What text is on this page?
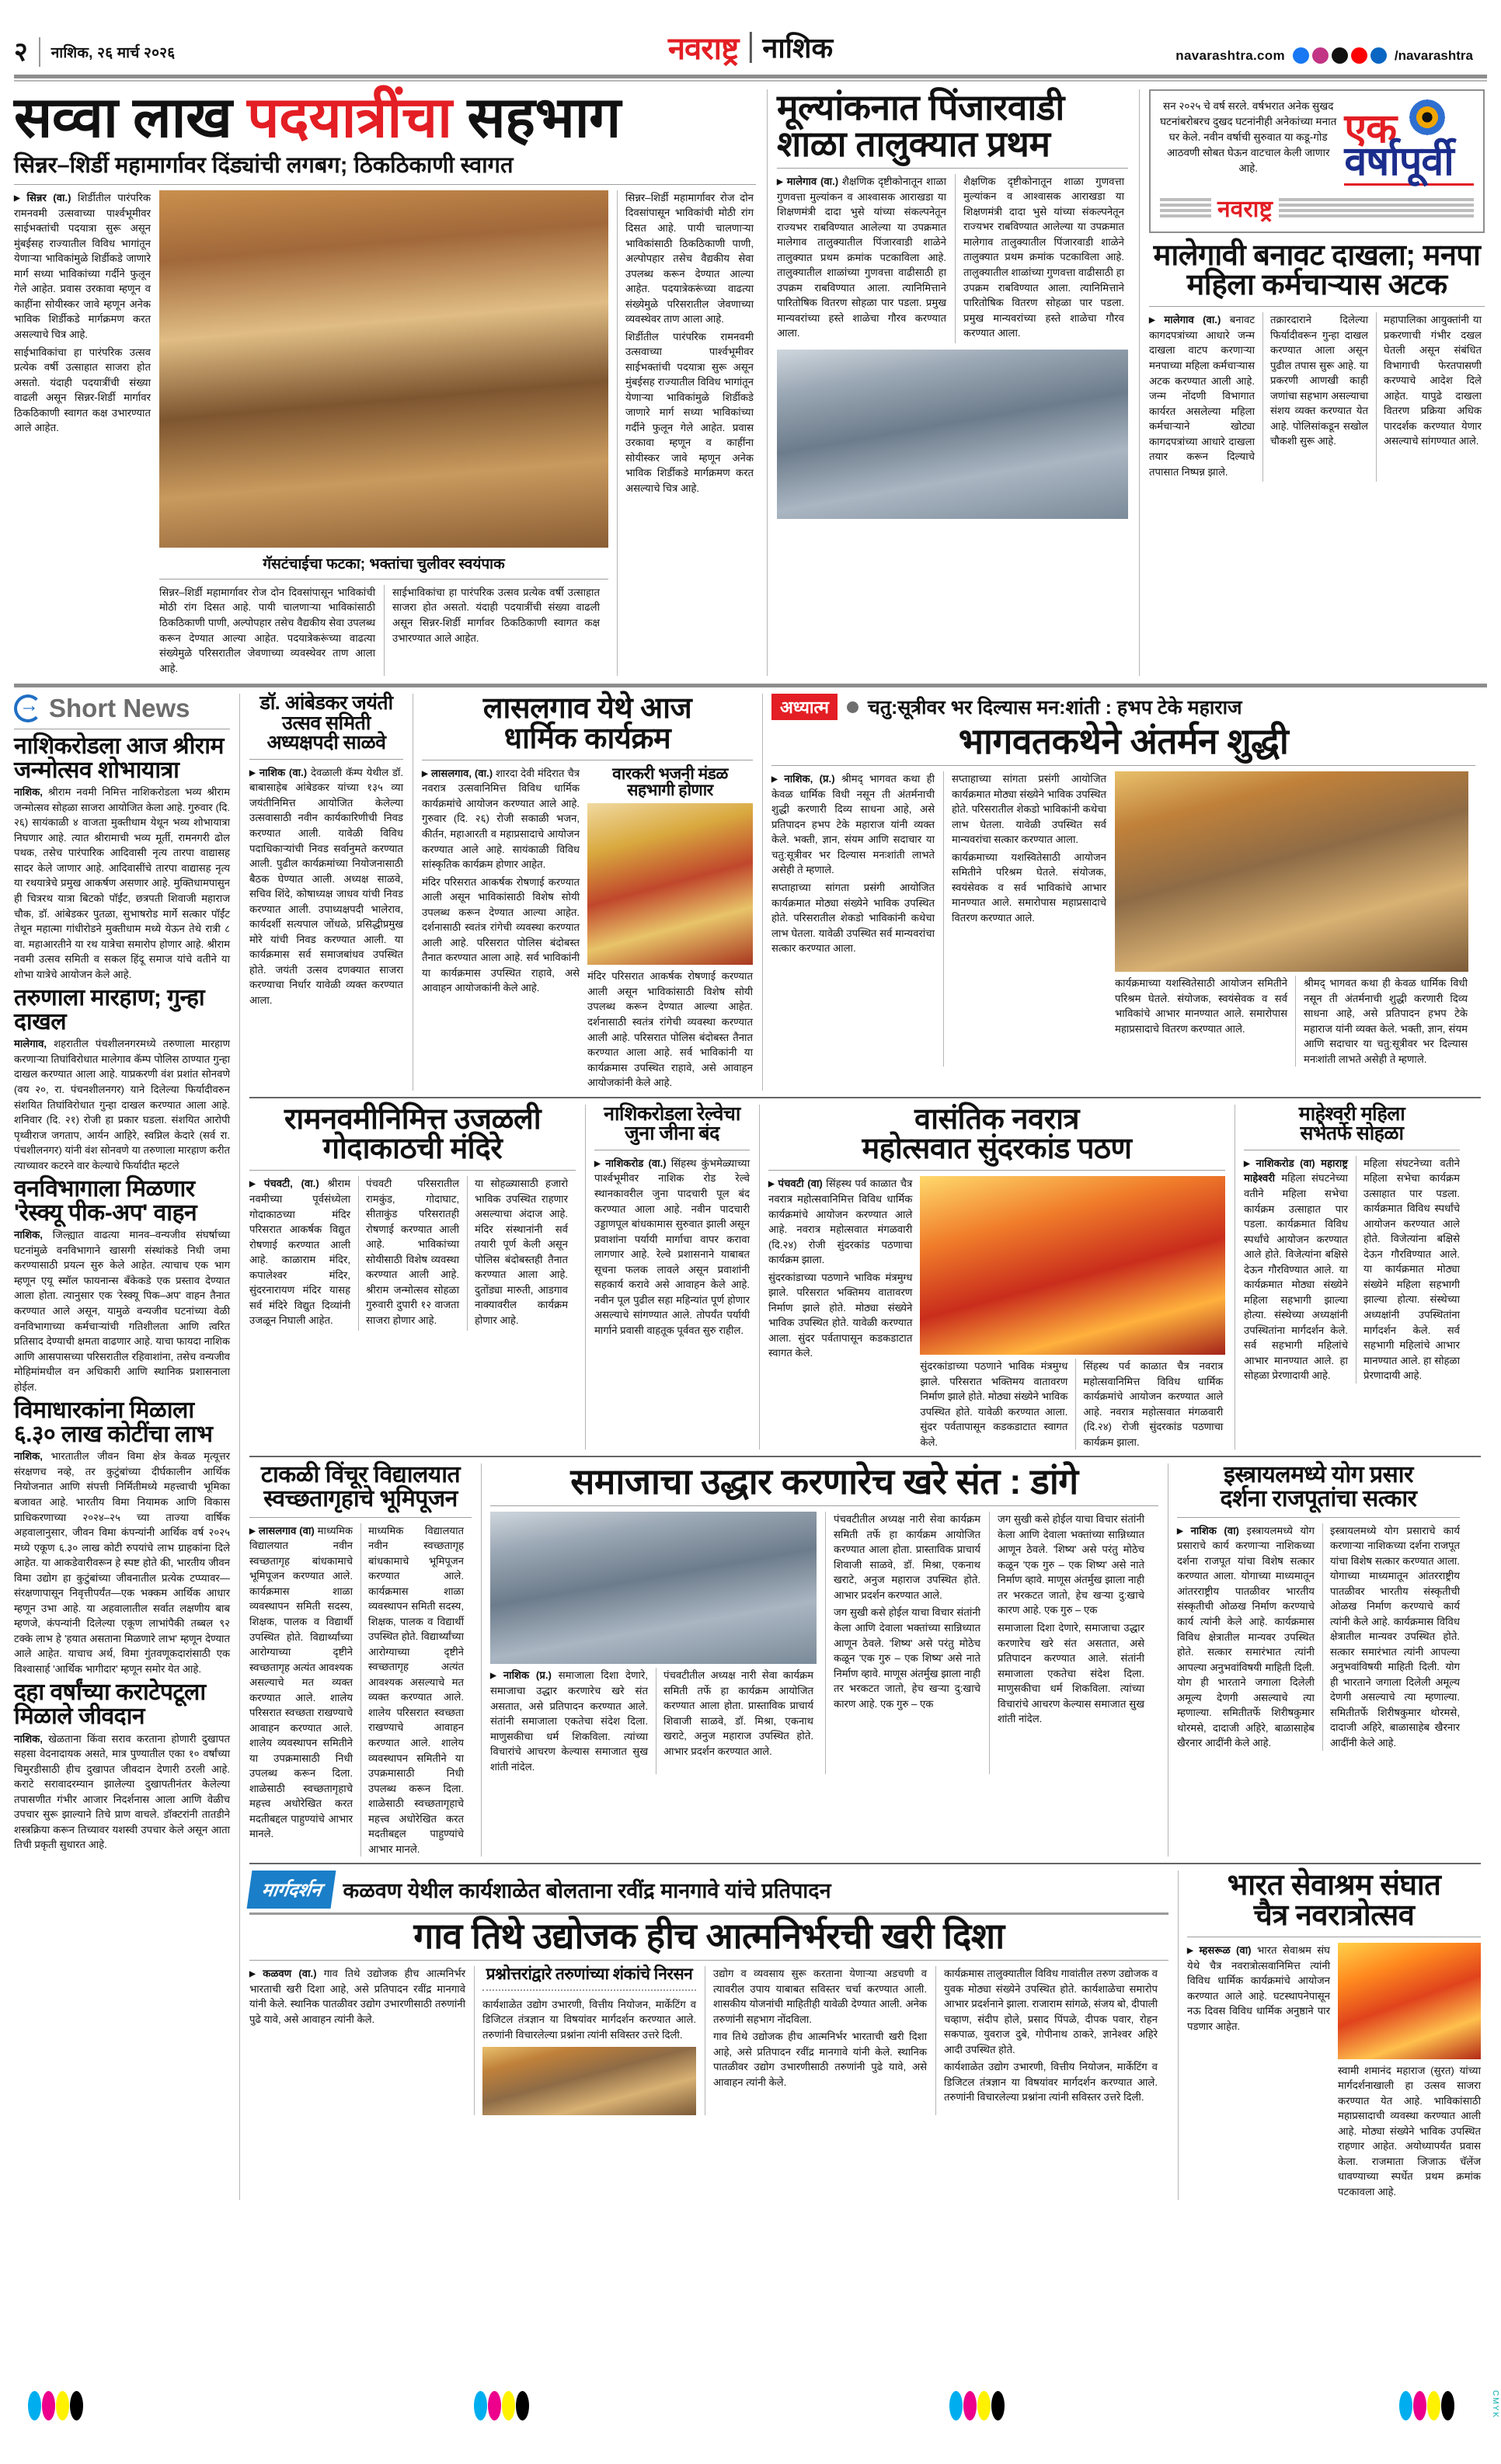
२ नाशिक, २६ मार्च २०२६	नवराष्ट्र नाशिक	navarashtra.com	/navarashtra
सव्वा लाख पदयात्रींचा सहभाग
सिन्नर–शिर्डी महामार्गावर दिंड्यांची लगबग; ठिकठिकाणी स्वागत

▶ सिन्नर (वा.) शिर्डीतील पारंपरिक रामनवमी उत्सवाच्या पार्श्वभूमीवर साईभक्तांची पदयात्रा सुरू असून मुंबईसह राज्यातील विविध भागांतून येणाऱ्या भाविकांमुळे शिर्डीकडे जाणारे मार्ग सध्या भाविकांच्या गर्दीने फुलून गेले आहेत. प्रवास उरकावा म्हणून व काहींना सोयीस्कर जावे म्हणून अनेक भाविक शिर्डीकडे मार्गक्रमण करत असल्याचे चित्र आहे.

साईभाविकांचा हा पारंपरिक उत्सव प्रत्येक वर्षी उत्साहात साजरा होत असतो. यंदाही पदयात्रींची संख्या वाढली असून सिन्नर-शिर्डी मार्गावर ठिकठिकाणी स्वागत कक्ष उभारण्यात आले आहेत.

गॅसटंचाईचा फटका; भक्तांचा चुलीवर स्वयंपाक
सिन्नर–शिर्डी महामार्गावर रोज दोन दिवसांपासून भाविकांची मोठी रांग दिसत आहे. पायी चालणाऱ्या भाविकांसाठी ठिकठिकाणी पाणी, अल्पोपहार तसेच वैद्यकीय सेवा उपलब्ध करून देण्यात आल्या आहेत. पदयात्रेकरूंच्या वाढत्या संख्येमुळे परिसरातील जेवणाच्या व्यवस्थेवर ताण आला आहे.
साईभाविकांचा हा पारंपरिक उत्सव प्रत्येक वर्षी उत्साहात साजरा होत असतो. यंदाही पदयात्रींची संख्या वाढली असून सिन्नर-शिर्डी मार्गावर ठिकठिकाणी स्वागत कक्ष उभारण्यात आले आहेत.

सिन्नर–शिर्डी महामार्गावर रोज दोन दिवसांपासून भाविकांची मोठी रांग दिसत आहे. पायी चालणाऱ्या भाविकांसाठी ठिकठिकाणी पाणी, अल्पोपहार तसेच वैद्यकीय सेवा उपलब्ध करून देण्यात आल्या आहेत. पदयात्रेकरूंच्या वाढत्या संख्येमुळे परिसरातील जेवणाच्या व्यवस्थेवर ताण आला आहे.

शिर्डीतील पारंपरिक रामनवमी उत्सवाच्या पार्श्वभूमीवर साईभक्तांची पदयात्रा सुरू असून मुंबईसह राज्यातील विविध भागांतून येणाऱ्या भाविकांमुळे शिर्डीकडे जाणारे मार्ग सध्या भाविकांच्या गर्दीने फुलून गेले आहेत. प्रवास उरकावा म्हणून व काहींना सोयीस्कर जावे म्हणून अनेक भाविक शिर्डीकडे मार्गक्रमण करत असल्याचे चित्र आहे.

मूल्यांकनात पिंजारवाडी
शाळा तालुक्यात प्रथम

▶ मालेगाव (वा.) शैक्षणिक दृष्टीकोनातून शाळा गुणवत्ता मुल्यांकन व आश्वासक आराखडा या शिक्षणमंत्री दादा भुसे यांच्या संकल्पनेतून राज्यभर राबविण्यात आलेल्या या उपक्रमात मालेगाव तालुक्यातील पिंजारवाडी शाळेने तालुक्यात प्रथम क्रमांक पटकाविला आहे. तालुक्यातील शाळांच्या गुणवत्ता वाढीसाठी हा उपक्रम राबविण्यात आला. त्यानिमित्ताने पारितोषिक वितरण सोहळा पार पडला. प्रमुख मान्यवरांच्या हस्ते शाळेचा गौरव करण्यात आला.

शैक्षणिक दृष्टीकोनातून शाळा गुणवत्ता मुल्यांकन व आश्वासक आराखडा या शिक्षणमंत्री दादा भुसे यांच्या संकल्पनेतून राज्यभर राबविण्यात आलेल्या या उपक्रमात मालेगाव तालुक्यातील पिंजारवाडी शाळेने तालुक्यात प्रथम क्रमांक पटकाविला आहे. तालुक्यातील शाळांच्या गुणवत्ता वाढीसाठी हा उपक्रम राबविण्यात आला. त्यानिमित्ताने पारितोषिक वितरण सोहळा पार पडला. प्रमुख मान्यवरांच्या हस्ते शाळेचा गौरव करण्यात आला.
सन २०२५ चे वर्ष सरले. वर्षभरात अनेक सुखद घटनांबरोबरच दुखद घटनांनीही अनेकांच्या मनात घर केले. नवीन वर्षाची सुरुवात या कडू-गोड आठवणी सोबत घेऊन वाटचाल केली जाणार आहे.
एक
वर्षापूर्वी
नवराष्ट्र
मालेगावी बनावट दाखला; मनपा
महिला कर्मचाऱ्यास अटक

▶ मालेगाव (वा.) बनावट कागदपत्रांच्या आधारे जन्म दाखला वाटप करणाऱ्या मनपाच्या महिला कर्मचाऱ्यास अटक करण्यात आली आहे. जन्म नोंदणी विभागात कार्यरत असलेल्या महिला कर्मचाऱ्याने खोट्या कागदपत्रांच्या आधारे दाखला तयार करून दिल्याचे तपासात निष्पन्न झाले.

तक्रारदाराने दिलेल्या फिर्यादीवरून गुन्हा दाखल करण्यात आला असून पुढील तपास सुरू आहे. या प्रकरणी आणखी काही जणांचा सहभाग असल्याचा संशय व्यक्त करण्यात येत आहे. पोलिसांकडून सखोल चौकशी सुरू आहे.
महापालिका आयुक्तांनी या प्रकरणाची गंभीर दखल घेतली असून संबंधित विभागाची फेरतपासणी करण्याचे आदेश दिले आहेत. यापुढे दाखला वितरण प्रक्रिया अधिक पारदर्शक करण्यात येणार असल्याचे सांगण्यात आले.
→
Short News
नाशिकरोडला आज श्रीराम जन्मोत्सव शोभायात्रा
नाशिक, श्रीराम नवमी निमित्त नाशिकरोडला भव्य श्रीराम जन्मोत्सव सोहळा साजरा आयोजित केला आहे. गुरुवार (दि. २६) सायंकाळी ४ वाजता मुक्तीधाम येथून भव्य शोभायात्रा निघणार आहे. त्यात श्रीरामाची भव्य मूर्ती, रामनगरी ढोल पथक, तसेच पारंपारिक आदिवासी नृत्य तारपा वाद्यासह सादर केले जाणार आहे. आदिवासींचे तारपा वाद्यासह नृत्य या रथयात्रेचे प्रमुख आकर्षण असणार आहे. मुक्तिधामपासुन ही चित्ररथ यात्रा बिटको पॉईंट, छत्रपती शिवाजी महाराज चौक, डॉ. आंबेडकर पुतळा, सुभाषरोड मार्गे सत्कार पॉईंट तेथून महात्मा गांधीरोडने मुक्तीधाम मध्ये येऊन तेथे रात्री ८ वा. महाआरतीने या रथ यात्रेचा समारोप होणार आहे. श्रीराम नवमी उत्सव समिती व सकल हिंदू समाज यांचे वतीने या शोभा यात्रेचे आयोजन केले आहे.
तरुणाला मारहाण; गुन्हा दाखल
मालेगाव, शहरातील पंचशीलनगरमध्ये तरुणाला मारहाण करणाऱ्या तिघांविरोधात मालेगाव कॅम्प पोलिस ठाण्यात गुन्हा दाखल करण्यात आला आहे. याप्रकरणी वंश प्रशांत सोनवणे (वय २०, रा. पंचनशीलनगर) याने दिलेल्या फिर्यादीवरुन संशयित तिघांविरोधात गुन्हा दाखल करण्यात आला आहे. शनिवार (दि. २१) रोजी हा प्रकार घडला. संशयित आरोपी पृथ्वीराज जगताप, आर्यन आहिरे, स्वप्निल केदारे (सर्व रा. पंचशीलनगर) यांनी वंश सोनवणे या तरुणाला मारहाण करीत त्याच्यावर कटरने वार केल्याचे फिर्यादीत म्हटले
वनविभागाला मिळणार 'रेस्क्यू पीक-अप' वाहन
नाशिक, जिल्ह्यात वाढत्या मानव–वन्यजीव संघर्षाच्या घटनांमुळे वनविभागाने खासगी संस्थांकडे निधी जमा करण्यासाठी प्रयत्न सुरु केले आहेत. त्याचाच एक भाग म्हणून एयू स्मॉल फायनान्स बँकेकडे एक प्रस्ताव देण्यात आला होता. त्यानुसार एक 'रेस्क्यू पिक–अप' वाहन तैनात करण्यात आले असून, यामुळे वन्यजीव घटनांच्या वेळी वनविभागाच्या कर्मचाऱ्यांची गतिशीलता आणि त्वरित प्रतिसाद देण्याची क्षमता वाढणार आहे. याचा फायदा नाशिक आणि आसपासच्या परिसरातील रहिवाशांना, तसेच वन्यजीव मोहिमांमधील वन अधिकारी आणि स्थानिक प्रशासनाला होईल.
विमाधारकांना मिळाला ६.३० लाख कोटींचा लाभ
नाशिक, भारतातील जीवन विमा क्षेत्र केवळ मृत्यूत्तर संरक्षणच नव्हे, तर कुटुंबांच्या दीर्घकालीन आर्थिक नियोजनात आणि संपत्ती निर्मितीमध्ये महत्त्वाची भूमिका बजावत आहे. भारतीय विमा नियामक आणि विकास प्राधिकरणाच्या २०२४–२५ च्या ताज्या वार्षिक अहवालानुसार, जीवन विमा कंपन्यांनी आर्थिक वर्ष २०२५ मध्ये एकूण ६.३० लाख कोटी रुपयांचे लाभ ग्राहकांना दिले आहेत. या आकडेवारीवरून हे स्पष्ट होते की, भारतीय जीवन विमा उद्योग हा कुटुंबांच्या जीवनातील प्रत्येक टप्प्यावर—संरक्षणापासून निवृत्तीपर्यंत—एक भक्कम आर्थिक आधार म्हणून उभा आहे. या अहवालातील सर्वात लक्षणीय बाब म्हणजे, कंपन्यांनी दिलेल्या एकूण लाभांपैकी तब्बल ९२ टक्के लाभ हे 'हयात असताना मिळणारे लाभ' म्हणून देण्यात आले आहेत. याचाच अर्थ, विमा गुंतवणूकदारांसाठी एक विश्वासार्ह 'आर्थिक भागीदार' म्हणून समोर येत आहे.
दहा वर्षांच्या कराटेपटूला मिळाले जीवदान
नाशिक, खेळताना किंवा सराव करताना होणारी दुखापत सहसा वेदनादायक असते, मात्र पुण्यातील एका १० वर्षांच्या चिमुरडीसाठी हीच दुखापत जीवदान देणारी ठरली आहे. कराटे सरावादरम्यान झालेल्या दुखापतीनंतर केलेल्या तपासणीत गंभीर आजार निदर्शनास आला आणि वेळीच उपचार सुरू झाल्याने तिचे प्राण वाचले. डॉक्टरांनी तातडीने शस्त्रक्रिया करून तिच्यावर यशस्वी उपचार केले असून आता तिची प्रकृती सुधारत आहे.
डॉ. आंबेडकर जयंती उत्सव समिती अध्यक्षपदी साळवे
▶ नाशिक (वा.) देवळाली कॅम्प येथील डॉ. बाबासाहेब आंबेडकर यांच्या १३५ व्या जयंतीनिमित्त आयोजित केलेल्या उत्सवासाठी नवीन कार्यकारिणीची निवड करण्यात आली. यावेळी विविध पदाधिकाऱ्यांची निवड सर्वानुमते करण्यात आली. पुढील कार्यक्रमांच्या नियोजनासाठी बैठक घेण्यात आली. अध्यक्ष साळवे, सचिव शिंदे, कोषाध्यक्ष जाधव यांची निवड करण्यात आली. उपाध्यक्षपदी भालेराव, कार्यदर्शी सत्यपाल जोंधळे, प्रसिद्धीप्रमुख मोरे यांची निवड करण्यात आली. या कार्यक्रमास सर्व समाजबांधव उपस्थित होते. जयंती उत्सव दणक्यात साजरा करण्याचा निर्धार यावेळी व्यक्त करण्यात आला.
लासलगाव येथे आज
धार्मिक कार्यक्रम

▶ लासलगाव, (वा.) शारदा देवी मंदिरात चैत्र नवरात्र उत्सवानिमित्त विविध धार्मिक कार्यक्रमांचे आयोजन करण्यात आले आहे. गुरुवार (दि. २६) रोजी सकाळी भजन, कीर्तन, महाआरती व महाप्रसादाचे आयोजन करण्यात आले आहे. सायंकाळी विविध सांस्कृतिक कार्यक्रम होणार आहेत.

मंदिर परिसरात आकर्षक रोषणाई करण्यात आली असून भाविकांसाठी विशेष सोयी उपलब्ध करून देण्यात आल्या आहेत. दर्शनासाठी स्वतंत्र रांगेची व्यवस्था करण्यात आली आहे. परिसरात पोलिस बंदोबस्त तैनात करण्यात आला आहे. सर्व भाविकांनी या कार्यक्रमास उपस्थित राहावे, असे आवाहन आयोजकांनी केले आहे.

वारकरी भजनी मंडळ
सहभागी होणार
मंदिर परिसरात आकर्षक रोषणाई करण्यात आली असून भाविकांसाठी विशेष सोयी उपलब्ध करून देण्यात आल्या आहेत. दर्शनासाठी स्वतंत्र रांगेची व्यवस्था करण्यात आली आहे. परिसरात पोलिस बंदोबस्त तैनात करण्यात आला आहे. सर्व भाविकांनी या कार्यक्रमास उपस्थित राहावे, असे आवाहन आयोजकांनी केले आहे.
अध्यात्म	चतु:सूत्रीवर भर दिल्यास मन:शांती : हभप टेके महाराज
भागवतकथेने अंतर्मन शुद्धी

▶ नाशिक, (प्र.) श्रीमद् भागवत कथा ही केवळ धार्मिक विधी नसून ती अंतर्मनाची शुद्धी करणारी दिव्य साधना आहे, असे प्रतिपादन हभप टेके महाराज यांनी व्यक्त केले. भक्ती, ज्ञान, संयम आणि सदाचार या चतु:सूत्रीवर भर दिल्यास मनःशांती लाभते असेही ते म्हणाले.

सप्ताहाच्या सांगता प्रसंगी आयोजित कार्यक्रमात मोठ्या संख्येने भाविक उपस्थित होते. परिसरातील शेकडो भाविकांनी कथेचा लाभ घेतला. यावेळी उपस्थित सर्व मान्यवरांचा सत्कार करण्यात आला.

सप्ताहाच्या सांगता प्रसंगी आयोजित कार्यक्रमात मोठ्या संख्येने भाविक उपस्थित होते. परिसरातील शेकडो भाविकांनी कथेचा लाभ घेतला. यावेळी उपस्थित सर्व मान्यवरांचा सत्कार करण्यात आला.

कार्यक्रमाच्या यशस्वितेसाठी आयोजन समितीने परिश्रम घेतले. संयोजक, स्वयंसेवक व सर्व भाविकांचे आभार मानण्यात आले. समारोपास महाप्रसादाचे वितरण करण्यात आले.

कार्यक्रमाच्या यशस्वितेसाठी आयोजन समितीने परिश्रम घेतले. संयोजक, स्वयंसेवक व सर्व भाविकांचे आभार मानण्यात आले. समारोपास महाप्रसादाचे वितरण करण्यात आले.
श्रीमद् भागवत कथा ही केवळ धार्मिक विधी नसून ती अंतर्मनाची शुद्धी करणारी दिव्य साधना आहे, असे प्रतिपादन हभप टेके महाराज यांनी व्यक्त केले. भक्ती, ज्ञान, संयम आणि सदाचार या चतु:सूत्रीवर भर दिल्यास मनःशांती लाभते असेही ते म्हणाले.
रामनवमीनिमित्त उजळली
गोदाकाठची मंदिरे

▶ पंचवटी, (वा.) श्रीराम नवमीच्या पूर्वसंध्येला गोदाकाठच्या मंदिर परिसरात आकर्षक विद्युत रोषणाई करण्यात आली आहे. काळाराम मंदिर, कपालेश्वर मंदिर, सुंदरनारायण मंदिर यासह सर्व मंदिरे विद्युत दिव्यांनी उजळून निघाली आहेत.

पंचवटी परिसरातील रामकुंड, गोदाघाट, सीताकुंड परिसरातही रोषणाई करण्यात आली आहे. भाविकांच्या सोयीसाठी विशेष व्यवस्था करण्यात आली आहे. श्रीराम जन्मोत्सव सोहळा गुरुवारी दुपारी १२ वाजता साजरा होणार आहे.
या सोहळ्यासाठी हजारो भाविक उपस्थित राहणार असल्याचा अंदाज आहे. मंदिर संस्थानांनी सर्व तयारी पूर्ण केली असून पोलिस बंदोबस्तही तैनात करण्यात आला आहे. दुतोंड्या मारुती, आडगाव नाक्यावरील कार्यक्रम होणार आहे.
नाशिकरोडला रेल्वेचा
जुना जीना बंद
▶ नाशिकरोड (वा.) सिंहस्थ कुंभमेळ्याच्या पार्श्वभूमीवर नाशिक रोड रेल्वे स्थानकावरील जुना पादचारी पूल बंद करण्यात आला आहे. नवीन पादचारी उड्डाणपूल बांधकामास सुरुवात झाली असून प्रवाशांना पर्यायी मार्गाचा वापर करावा लागणार आहे. रेल्वे प्रशासनाने याबाबत सूचना फलक लावले असून प्रवाशांनी सहकार्य करावे असे आवाहन केले आहे. नवीन पूल पुढील सहा महिन्यांत पूर्ण होणार असल्याचे सांगण्यात आले. तोपर्यंत पर्यायी मार्गाने प्रवासी वाहतूक पूर्ववत सुरु राहील.
वासंतिक नवरात्र
महोत्सवात सुंदरकांड पठण

▶ पंचवटी (वा) सिंहस्थ पर्व काळात चैत्र नवरात्र महोत्सवानिमित्त विविध धार्मिक कार्यक्रमांचे आयोजन करण्यात आले आहे. नवरात्र महोत्सवात मंगळवारी (दि.२४) रोजी सुंदरकांड पठणाचा कार्यक्रम झाला.

सुंदरकांडाच्या पठणाने भाविक मंत्रमुग्ध झाले. परिसरात भक्तिमय वातावरण निर्माण झाले होते. मोठ्या संख्येने भाविक उपस्थित होते. यावेळी करण्यात आला. सुंदर पर्वतापासून कडकडाटात स्वागत केले.

सुंदरकांडाच्या पठणाने भाविक मंत्रमुग्ध झाले. परिसरात भक्तिमय वातावरण निर्माण झाले होते. मोठ्या संख्येने भाविक उपस्थित होते. यावेळी करण्यात आला. सुंदर पर्वतापासून कडकडाटात स्वागत केले.
सिंहस्थ पर्व काळात चैत्र नवरात्र महोत्सवानिमित्त विविध धार्मिक कार्यक्रमांचे आयोजन करण्यात आले आहे. नवरात्र महोत्सवात मंगळवारी (दि.२४) रोजी सुंदरकांड पठणाचा कार्यक्रम झाला.
माहेश्वरी महिला
सभेतर्फे सोहळा
▶ नाशिकरोड (वा) महाराष्ट्र माहेश्वरी महिला संघटनेच्या वतीने महिला सभेचा कार्यक्रम उत्साहात पार पडला. कार्यक्रमात विविध स्पर्धांचे आयोजन करण्यात आले होते. विजेत्यांना बक्षिसे देऊन गौरविण्यात आले. या कार्यक्रमात मोठ्या संख्येने महिला सहभागी झाल्या होत्या. संस्थेच्या अध्यक्षांनी उपस्थितांना मार्गदर्शन केले. सर्व सहभागी महिलांचे आभार मानण्यात आले. हा सोहळा प्रेरणादायी आहे.
महिला संघटनेच्या वतीने महिला सभेचा कार्यक्रम उत्साहात पार पडला. कार्यक्रमात विविध स्पर्धांचे आयोजन करण्यात आले होते. विजेत्यांना बक्षिसे देऊन गौरविण्यात आले. या कार्यक्रमात मोठ्या संख्येने महिला सहभागी झाल्या होत्या. संस्थेच्या अध्यक्षांनी उपस्थितांना मार्गदर्शन केले. सर्व सहभागी महिलांचे आभार मानण्यात आले. हा सोहळा प्रेरणादायी आहे.
टाकळी विंचूर विद्यालयात
स्वच्छतागृहाचे भूमिपूजन
▶ लासलगाव (वा) माध्यमिक विद्यालयात नवीन स्वच्छतागृह बांधकामाचे भूमिपूजन करण्यात आले. कार्यक्रमास शाळा व्यवस्थापन समिती सदस्य, शिक्षक, पालक व विद्यार्थी उपस्थित होते. विद्यार्थ्यांच्या आरोग्याच्या दृष्टीने स्वच्छतागृह अत्यंत आवश्यक असल्याचे मत व्यक्त करण्यात आले. शालेय परिसरात स्वच्छता राखण्याचे आवाहन करण्यात आले. शालेय व्यवस्थापन समितीने या उपक्रमासाठी निधी उपलब्ध करून दिला. शाळेसाठी स्वच्छतागृहाचे महत्त्व अधोरेखित करत मदतीबद्दल पाहुण्यांचे आभार मानले.
माध्यमिक विद्यालयात नवीन स्वच्छतागृह बांधकामाचे भूमिपूजन करण्यात आले. कार्यक्रमास शाळा व्यवस्थापन समिती सदस्य, शिक्षक, पालक व विद्यार्थी उपस्थित होते. विद्यार्थ्यांच्या आरोग्याच्या दृष्टीने स्वच्छतागृह अत्यंत आवश्यक असल्याचे मत व्यक्त करण्यात आले. शालेय परिसरात स्वच्छता राखण्याचे आवाहन करण्यात आले. शालेय व्यवस्थापन समितीने या उपक्रमासाठी निधी उपलब्ध करून दिला. शाळेसाठी स्वच्छतागृहाचे महत्त्व अधोरेखित करत मदतीबद्दल पाहुण्यांचे आभार मानले.
समाजाचा उद्धार करणारेच खरे संत : डांगे
▶ नाशिक (प्र.) समाजाला दिशा देणारे, समाजाचा उद्धार करणारेच खरे संत असतात, असे प्रतिपादन करण्यात आले. संतांनी समाजाला एकतेचा संदेश दिला. माणुसकीचा धर्म शिकविला. त्यांच्या विचारांचे आचरण केल्यास समाजात सुख शांती नांदेल.
पंचवटीतील अध्यक्ष नारी सेवा कार्यक्रम समिती तर्फे हा कार्यक्रम आयोजित करण्यात आला होता. प्रास्ताविक प्राचार्य शिवाजी साळवे, डॉ. मिश्रा, एकनाथ खराटे, अनुज महाराज उपस्थित होते. आभार प्रदर्शन करण्यात आले.

पंचवटीतील अध्यक्ष नारी सेवा कार्यक्रम समिती तर्फे हा कार्यक्रम आयोजित करण्यात आला होता. प्रास्ताविक प्राचार्य शिवाजी साळवे, डॉ. मिश्रा, एकनाथ खराटे, अनुज महाराज उपस्थित होते. आभार प्रदर्शन करण्यात आले.

जग सुखी कसे होईल याचा विचार संतांनी केला आणि देवाला भक्तांच्या सान्निध्यात आणून ठेवले. 'शिष्य' असे परंतु मोठेच कळून 'एक गुरु – एक शिष्य' असे नाते निर्माण व्हावे. माणूस अंतर्मुख झाला नाही तर भरकटत जातो, हेच खऱ्या दु:खाचे कारण आहे. एक गुरु – एक

जग सुखी कसे होईल याचा विचार संतांनी केला आणि देवाला भक्तांच्या सान्निध्यात आणून ठेवले. 'शिष्य' असे परंतु मोठेच कळून 'एक गुरु – एक शिष्य' असे नाते निर्माण व्हावे. माणूस अंतर्मुख झाला नाही तर भरकटत जातो, हेच खऱ्या दु:खाचे कारण आहे. एक गुरु – एक

समाजाला दिशा देणारे, समाजाचा उद्धार करणारेच खरे संत असतात, असे प्रतिपादन करण्यात आले. संतांनी समाजाला एकतेचा संदेश दिला. माणुसकीचा धर्म शिकविला. त्यांच्या विचारांचे आचरण केल्यास समाजात सुख शांती नांदेल.

इस्त्रायलमध्ये योग प्रसार
दर्शना राजपूतांचा सत्कार
▶ नाशिक (वा) इस्त्रायलमध्ये योग प्रसाराचे कार्य करणाऱ्या नाशिकच्या दर्शना राजपूत यांचा विशेष सत्कार करण्यात आला. योगाच्या माध्यमातून आंतरराष्ट्रीय पातळीवर भारतीय संस्कृतीची ओळख निर्माण करण्याचे कार्य त्यांनी केले आहे. कार्यक्रमास विविध क्षेत्रातील मान्यवर उपस्थित होते. सत्कार समारंभात त्यांनी आपल्या अनुभवांविषयी माहिती दिली. योग ही भारताने जगाला दिलेली अमूल्य देणगी असल्याचे त्या म्हणाल्या. समितीतर्फे शिरीषकुमार थोरमसे, दादाजी अहिरे, बाळासाहेब खैरनार आदींनी केले आहे.
इस्त्रायलमध्ये योग प्रसाराचे कार्य करणाऱ्या नाशिकच्या दर्शना राजपूत यांचा विशेष सत्कार करण्यात आला. योगाच्या माध्यमातून आंतरराष्ट्रीय पातळीवर भारतीय संस्कृतीची ओळख निर्माण करण्याचे कार्य त्यांनी केले आहे. कार्यक्रमास विविध क्षेत्रातील मान्यवर उपस्थित होते. सत्कार समारंभात त्यांनी आपल्या अनुभवांविषयी माहिती दिली. योग ही भारताने जगाला दिलेली अमूल्य देणगी असल्याचे त्या म्हणाल्या. समितीतर्फे शिरीषकुमार थोरमसे, दादाजी अहिरे, बाळासाहेब खैरनार आदींनी केले आहे.
मार्गदर्शन कळवण येथील कार्यशाळेत बोलताना रवींद्र मानगावे यांचे प्रतिपादन
गाव तिथे उद्योजक हीच आत्मनिर्भरची खरी दिशा
▶ कळवण (वा.) गाव तिथे उद्योजक हीच आत्मनिर्भर भारताची खरी दिशा आहे, असे प्रतिपादन रवींद्र मानगावे यांनी केले. स्थानिक पातळीवर उद्योग उभारणीसाठी तरुणांनी पुढे यावे, असे आवाहन त्यांनी केले.
प्रश्नोत्तरांद्वारे तरुणांच्या शंकांचे निरसन
कार्यशाळेत उद्योग उभारणी, वित्तीय नियोजन, मार्केटिंग व डिजिटल तंत्रज्ञान या विषयांवर मार्गदर्शन करण्यात आले. तरुणांनी विचारलेल्या प्रश्नांना त्यांनी सविस्तर उत्तरे दिली.

उद्योग व व्यवसाय सुरू करताना येणाऱ्या अडचणी व त्यावरील उपाय याबाबत सविस्तर चर्चा करण्यात आली. शासकीय योजनांची माहितीही यावेळी देण्यात आली. अनेक तरुणांनी सहभाग नोंदविला.

गाव तिथे उद्योजक हीच आत्मनिर्भर भारताची खरी दिशा आहे, असे प्रतिपादन रवींद्र मानगावे यांनी केले. स्थानिक पातळीवर उद्योग उभारणीसाठी तरुणांनी पुढे यावे, असे आवाहन त्यांनी केले.

कार्यक्रमास तालुक्यातील विविध गावांतील तरुण उद्योजक व युवक मोठ्या संख्येने उपस्थित होते. कार्यशाळेचा समारोप आभार प्रदर्शनाने झाला. राजाराम सांगळे, संजय बो, दीपाली चव्हाण, संदीप होले, प्रसाद पिंपळे, दीपक पवार, रोहन सकपाळ, युवराज दुबे, गोपीनाथ ठाकरे, ज्ञानेश्वर अहिरे आदी उपस्थित होते.

कार्यशाळेत उद्योग उभारणी, वित्तीय नियोजन, मार्केटिंग व डिजिटल तंत्रज्ञान या विषयांवर मार्गदर्शन करण्यात आले. तरुणांनी विचारलेल्या प्रश्नांना त्यांनी सविस्तर उत्तरे दिली.

भारत सेवाश्रम संघात
चैत्र नवरात्रोत्सव

▶ म्हसरूळ (वा) भारत सेवाश्रम संघ येथे चैत्र नवरात्रोत्सवानिमित्त त्यांनी विविध धार्मिक कार्यक्रमांचे आयोजन करण्यात आले आहे. घटस्थापनेपासून नऊ दिवस विविध धार्मिक अनुष्ठाने पार पडणार आहेत.

स्वामी शमानंद महाराज (सुरत) यांच्या मार्गदर्शनाखाली हा उत्सव साजरा करण्यात येत आहे. भाविकांसाठी महाप्रसादाची व्यवस्था करण्यात आली आहे. मोठ्या संख्येने भाविक उपस्थित राहणार आहेत. अयोध्यापर्यंत प्रवास केला. राजमाता जिजाऊ चॅलेंज धावण्याच्या स्पर्धेत प्रथम क्रमांक पटकावला आहे.
CMYK
